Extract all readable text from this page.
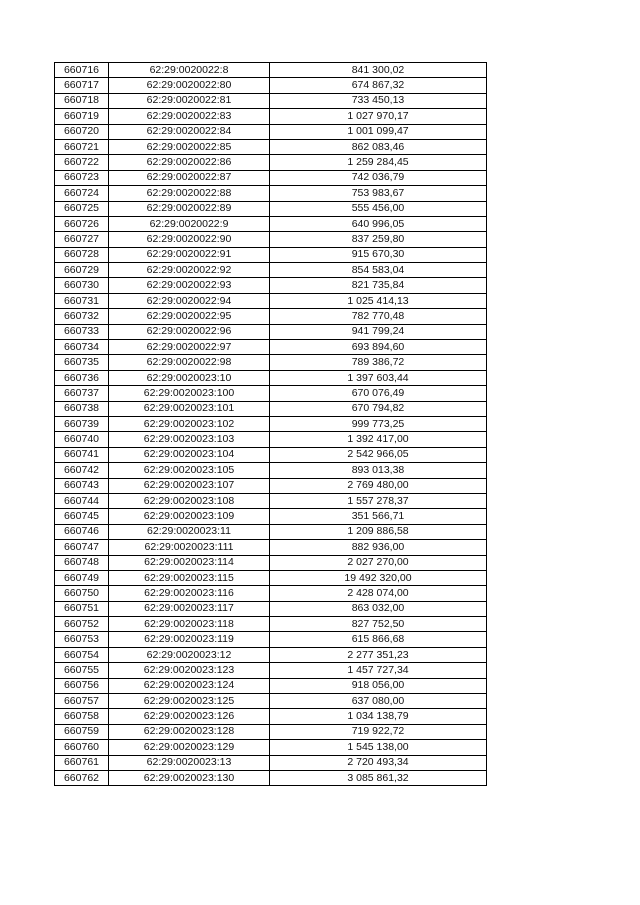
660716	62:29:0020022:8	841 300,02
660717	62:29:0020022:80	674 867,32
660718	62:29:0020022:81	733 450,13
660719	62:29:0020022:83	1 027 970,17
660720	62:29:0020022:84	1 001 099,47
660721	62:29:0020022:85	862 083,46
660722	62:29:0020022:86	1 259 284,45
660723	62:29:0020022:87	742 036,79
660724	62:29:0020022:88	753 983,67
660725	62:29:0020022:89	555 456,00
660726	62:29:0020022:9	640 996,05
660727	62:29:0020022:90	837 259,80
660728	62:29:0020022:91	915 670,30
660729	62:29:0020022:92	854 583,04
660730	62:29:0020022:93	821 735,84
660731	62:29:0020022:94	1 025 414,13
660732	62:29:0020022:95	782 770,48
660733	62:29:0020022:96	941 799,24
660734	62:29:0020022:97	693 894,60
660735	62:29:0020022:98	789 386,72
660736	62:29:0020023:10	1 397 603,44
660737	62:29:0020023:100	670 076,49
660738	62:29:0020023:101	670 794,82
660739	62:29:0020023:102	999 773,25
660740	62:29:0020023:103	1 392 417,00
660741	62:29:0020023:104	2 542 966,05
660742	62:29:0020023:105	893 013,38
660743	62:29:0020023:107	2 769 480,00
660744	62:29:0020023:108	1 557 278,37
660745	62:29:0020023:109	351 566,71
660746	62:29:0020023:11	1 209 886,58
660747	62:29:0020023:111	882 936,00
660748	62:29:0020023:114	2 027 270,00
660749	62:29:0020023:115	19 492 320,00
660750	62:29:0020023:116	2 428 074,00
660751	62:29:0020023:117	863 032,00
660752	62:29:0020023:118	827 752,50
660753	62:29:0020023:119	615 866,68
660754	62:29:0020023:12	2 277 351,23
660755	62:29:0020023:123	1 457 727,34
660756	62:29:0020023:124	918 056,00
660757	62:29:0020023:125	637 080,00
660758	62:29:0020023:126	1 034 138,79
660759	62:29:0020023:128	719 922,72
660760	62:29:0020023:129	1 545 138,00
660761	62:29:0020023:13	2 720 493,34
660762	62:29:0020023:130	3 085 861,32
